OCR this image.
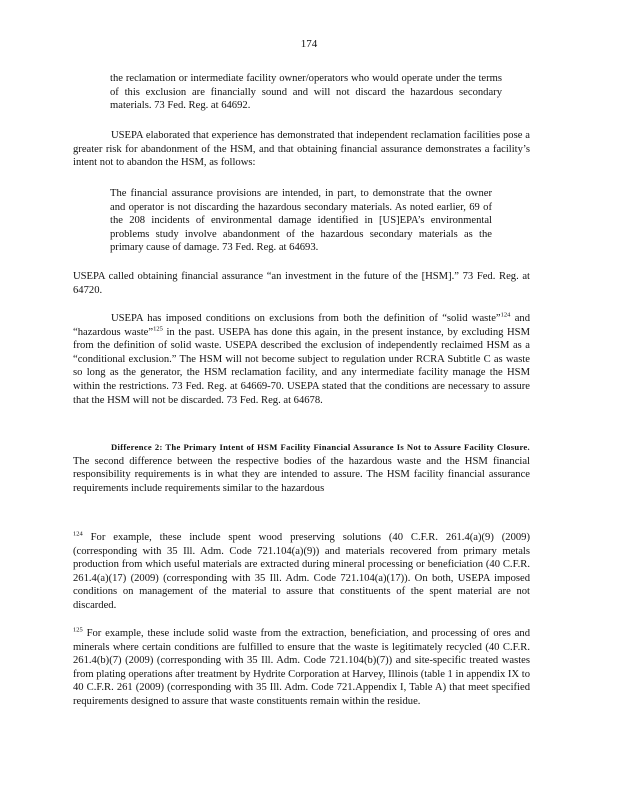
174

the reclamation or intermediate facility owner/operators who would operate under the terms of this exclusion are financially sound and will not discard the hazardous secondary materials. 73 Fed. Reg. at 64692.

USEPA elaborated that experience has demonstrated that independent reclamation facilities pose a greater risk for abandonment of the HSM, and that obtaining financial assurance demonstrates a facility’s intent not to abandon the HSM, as follows:

The financial assurance provisions are intended, in part, to demonstrate that the owner and operator is not discarding the hazardous secondary materials. As noted earlier, 69 of the 208 incidents of environmental damage identified in [US]EPA’s environmental problems study involve abandonment of the hazardous secondary materials as the primary cause of damage. 73 Fed. Reg. at 64693.

USEPA called obtaining financial assurance “an investment in the future of the [HSM].” 73 Fed. Reg. at 64720.

USEPA has imposed conditions on exclusions from both the definition of “solid waste”$^{124}$ and “hazardous waste”$^{125}$ in the past. USEPA has done this again, in the present instance, by excluding HSM from the definition of solid waste. USEPA described the exclusion of independently reclaimed HSM as a “conditional exclusion.” The HSM will not become subject to regulation under RCRA Subtitle C as waste so long as the generator, the HSM reclamation facility, and any intermediate facility manage the HSM within the restrictions. 73 Fed. Reg. at 64669-70. USEPA stated that the conditions are necessary to assure that the HSM will not be discarded. 73 Fed. Reg. at 64678.

Difference 2: The Primary Intent of HSM Facility Financial Assurance Is Not to Assure Facility Closure. The second difference between the respective bodies of the hazardous waste and the HSM financial responsibility requirements is in what they are intended to assure. The HSM facility financial assurance requirements include requirements similar to the hazardous

$^{124}$ For example, these include spent wood preserving solutions (40 C.F.R. 261.4(a)(9) (2009) (corresponding with 35 Ill. Adm. Code 721.104(a)(9)) and materials recovered from primary metals production from which useful materials are extracted during mineral processing or beneficiation (40 C.F.R. 261.4(a)(17) (2009) (corresponding with 35 Ill. Adm. Code 721.104(a)(17)). On both, USEPA imposed conditions on management of the material to assure that constituents of the spent material are not discarded.

$^{125}$ For example, these include solid waste from the extraction, beneficiation, and processing of ores and minerals where certain conditions are fulfilled to ensure that the waste is legitimately recycled (40 C.F.R. 261.4(b)(7) (2009) (corresponding with 35 Ill. Adm. Code 721.104(b)(7)) and site-specific treated wastes from plating operations after treatment by Hydrite Corporation at Harvey, Illinois (table 1 in appendix IX to 40 C.F.R. 261 (2009) (corresponding with 35 Ill. Adm. Code 721.Appendix I, Table A) that meet specified requirements designed to assure that waste constituents remain within the residue.
